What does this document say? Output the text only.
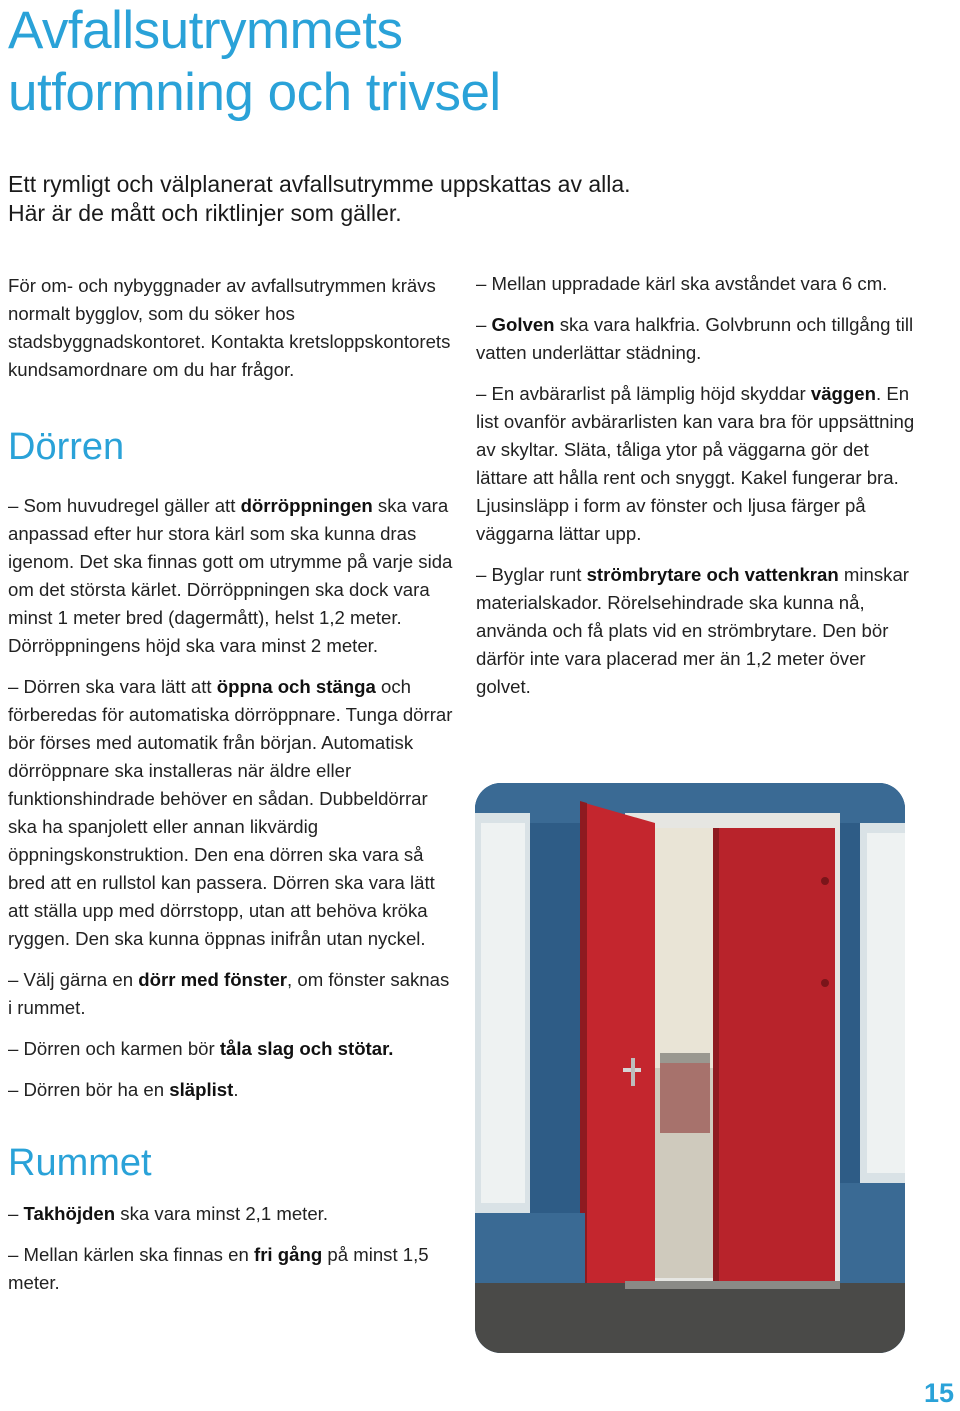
Avfallsutrymmets
utformning och trivsel

Ett rymligt och välplanerat avfallsutrymme uppskattas av alla.
Här är de mått och riktlinjer som gäller.

För om- och nybyggnader av avfallsutrymmen krävs normalt bygglov, som du söker hos stadsbyggnadskontoret. Kontakta kretsloppskontorets kundsamordnare om du har frågor.

Dörren

– Som huvudregel gäller att dörröppningen ska vara anpassad efter hur stora kärl som ska kunna dras igenom. Det ska finnas gott om utrymme på varje sida om det största kärlet. Dörröppningen ska dock vara minst 1 meter bred (dagermått), helst 1,2 meter. Dörröppningens höjd ska vara minst 2 meter.

– Dörren ska vara lätt att öppna och stänga och förberedas för automatiska dörröppnare. Tunga dörrar bör förses med automatik från början. Automatisk dörröppnare ska installeras när äldre eller funktionshindrade behöver en sådan. Dubbeldörrar ska ha spanjolett eller annan likvärdig öppningskonstruktion. Den ena dörren ska vara så bred att en rullstol kan passera. Dörren ska vara lätt att ställa upp med dörrstopp, utan att behöva kröka ryggen. Den ska kunna öppnas inifrån utan nyckel.

– Välj gärna en dörr med fönster, om fönster saknas i rummet.

– Dörren och karmen bör tåla slag och stötar.

– Dörren bör ha en släplist.

Rummet

– Takhöjden ska vara minst 2,1 meter.

– Mellan kärlen ska finnas en fri gång på minst 1,5 meter.

– Mellan uppradade kärl ska avståndet vara 6 cm.

– Golven ska vara halkfria. Golvbrunn och tillgång till vatten underlättar städning.

– En avbärarlist på lämplig höjd skyddar väggen. En list ovanför avbärarlisten kan vara bra för uppsättning av skyltar. Släta, tåliga ytor på väggarna gör det lättare att hålla rent och snyggt. Kakel fungerar bra. Ljusinsläpp i form av fönster och ljusa färger på väggarna lättar upp.

– Byglar runt strömbrytare och vattenkran minskar materialskador. Rörelsehindrade ska kunna nå, använda och få plats vid en strömbrytare. Den bör därför inte vara placerad mer än 1,2 meter över golvet.

15
